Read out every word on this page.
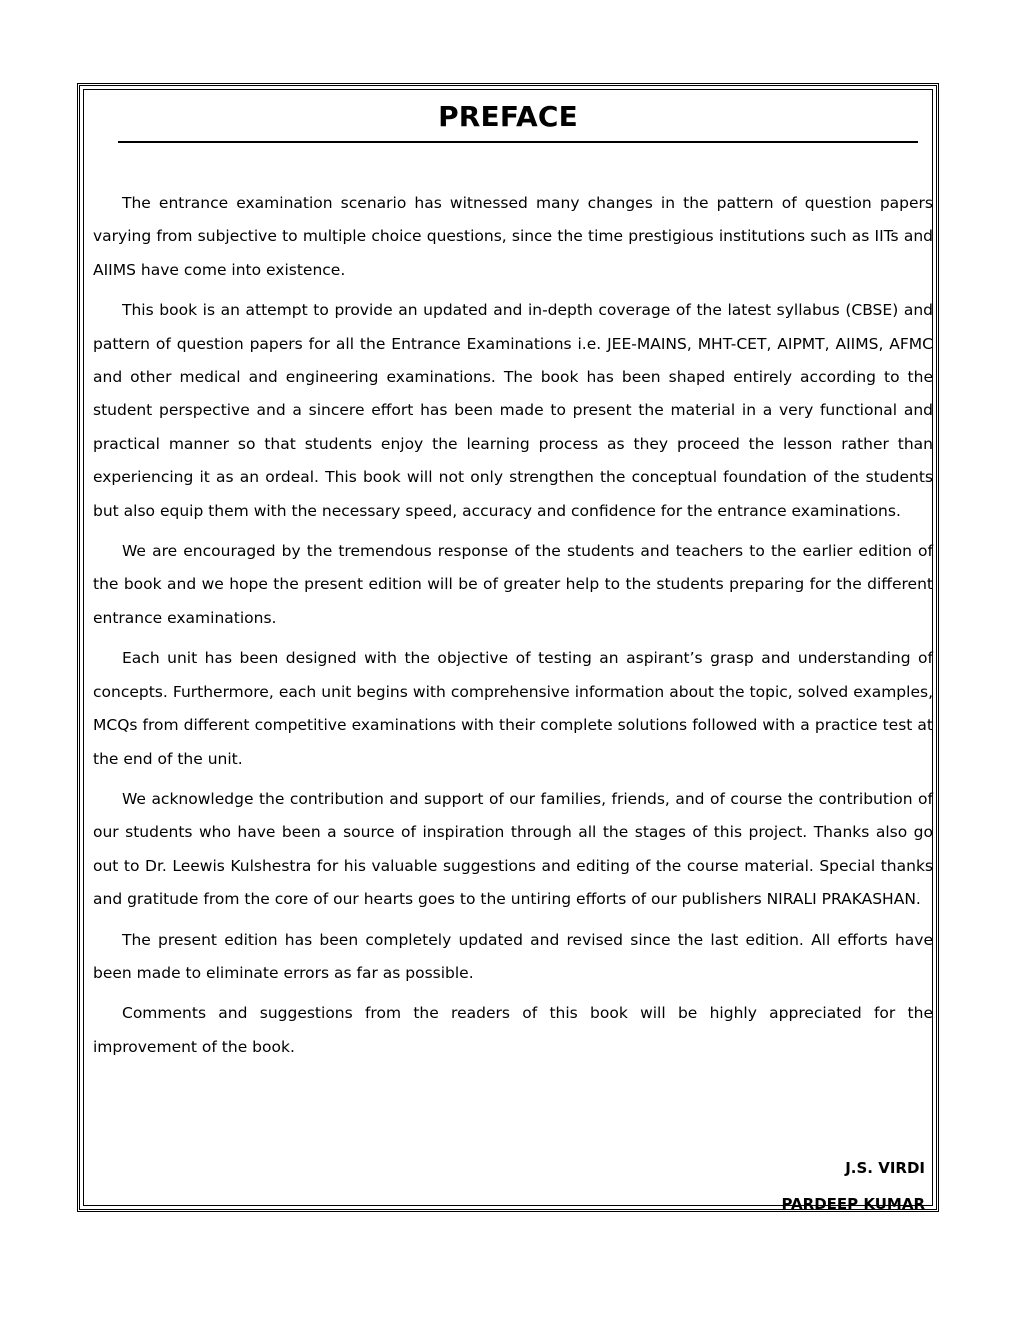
PREFACE

The entrance examination scenario has witnessed many changes in the pattern of question papers varying from subjective to multiple choice questions, since the time prestigious institutions such as IITs and AIIMS have come into existence.

This book is an attempt to provide an updated and in-depth coverage of the latest syllabus (CBSE) and pattern of question papers for all the Entrance Examinations i.e. JEE-MAINS, MHT-CET, AIPMT, AIIMS, AFMC and other medical and engineering examinations. The book has been shaped entirely according to the student perspective and a sincere effort has been made to present the material in a very functional and practical manner so that students enjoy the learning process as they proceed the lesson rather than experiencing it as an ordeal. This book will not only strengthen the conceptual foundation of the students but also equip them with the necessary speed, accuracy and confidence for the entrance examinations.

We are encouraged by the tremendous response of the students and teachers to the earlier edition of the book and we hope the present edition will be of greater help to the students preparing for the different entrance examinations.

Each unit has been designed with the objective of testing an aspirant’s grasp and understanding of concepts. Furthermore, each unit begins with comprehensive information about the topic, solved examples, MCQs from different competitive examinations with their complete solutions followed with a practice test at the end of the unit.

We acknowledge the contribution and support of our families, friends, and of course the contribution of our students who have been a source of inspiration through all the stages of this project. Thanks also go out to Dr. Leewis Kulshestra for his valuable suggestions and editing of the course material. Special thanks and gratitude from the core of our hearts goes to the untiring efforts of our publishers NIRALI PRAKASHAN.

The present edition has been completely updated and revised since the last edition. All efforts have been made to eliminate errors as far as possible.

Comments and suggestions from the readers of this book will be highly appreciated for the improvement of the book.

J.S. VIRDI
PARDEEP KUMAR
